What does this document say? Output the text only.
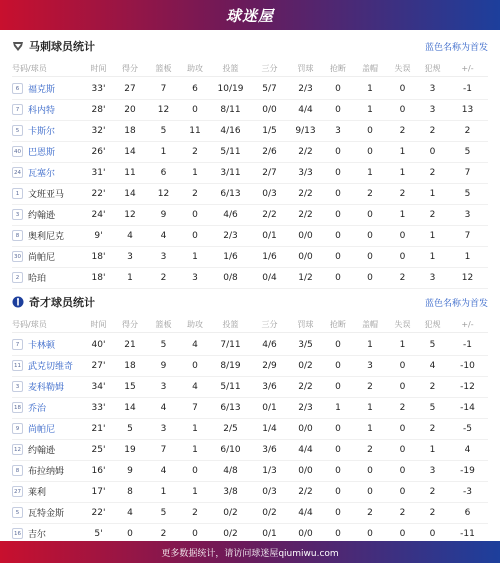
球迷屋
马刺球员统计	蓝色名称为首发
号码/球员	时间	得分	篮板	助攻	投篮	三分	罚球	抢断	盖帽	失误	犯规	+/-
6 福克斯	33'	27	7	6	10/19	5/7	2/3	0	1	0	3	-1
7 科内特	28'	20	12	0	8/11	0/0	4/4	0	1	0	3	13
5 卡斯尔	32'	18	5	11	4/16	1/5	9/13	3	0	2	2	2
40 巴恩斯	26'	14	1	2	5/11	2/6	2/2	0	0	1	0	5
24 瓦塞尔	31'	11	6	1	3/11	2/7	3/3	0	1	1	2	7
1 文班亚马	22'	14	12	2	6/13	0/3	2/2	0	2	2	1	5
3 约翰逊	24'	12	9	0	4/6	2/2	2/2	0	0	1	2	3
8 奥利尼克	9'	4	4	0	2/3	0/1	0/0	0	0	0	1	7
30 尚帕尼	18'	3	3	1	1/6	1/6	0/0	0	0	0	1	1
2 哈珀	18'	1	2	3	0/8	0/4	1/2	0	0	2	3	12
奇才球员统计	蓝色名称为首发
号码/球员	时间	得分	篮板	助攻	投篮	三分	罚球	抢断	盖帽	失误	犯规	+/-
7 卡林顿	40'	21	5	4	7/11	4/6	3/5	0	1	1	5	-1
11 武克切维奇	27'	18	9	0	8/19	2/9	0/2	0	3	0	4	-10
3 麦科勒姆	34'	15	3	4	5/11	3/6	2/2	0	2	0	2	-12
18 乔治	33'	14	4	7	6/13	0/1	2/3	1	1	2	5	-14
9 尚帕尼	21'	5	3	1	2/5	1/4	0/0	0	1	0	2	-5
12 约翰逊	25'	19	7	1	6/10	3/6	4/4	0	2	0	1	4
8 布拉纳姆	16'	9	4	0	4/8	1/3	0/0	0	0	0	3	-19
27 莱利	17'	8	1	1	3/8	0/3	2/2	0	0	0	2	-3
5 瓦特金斯	22'	4	5	2	0/2	0/2	4/4	0	2	2	2	6
16 吉尔	5'	0	2	0	0/2	0/1	0/0	0	0	0	0	-11
更多数据统计，请访问球迷屋qiumiwu.com
